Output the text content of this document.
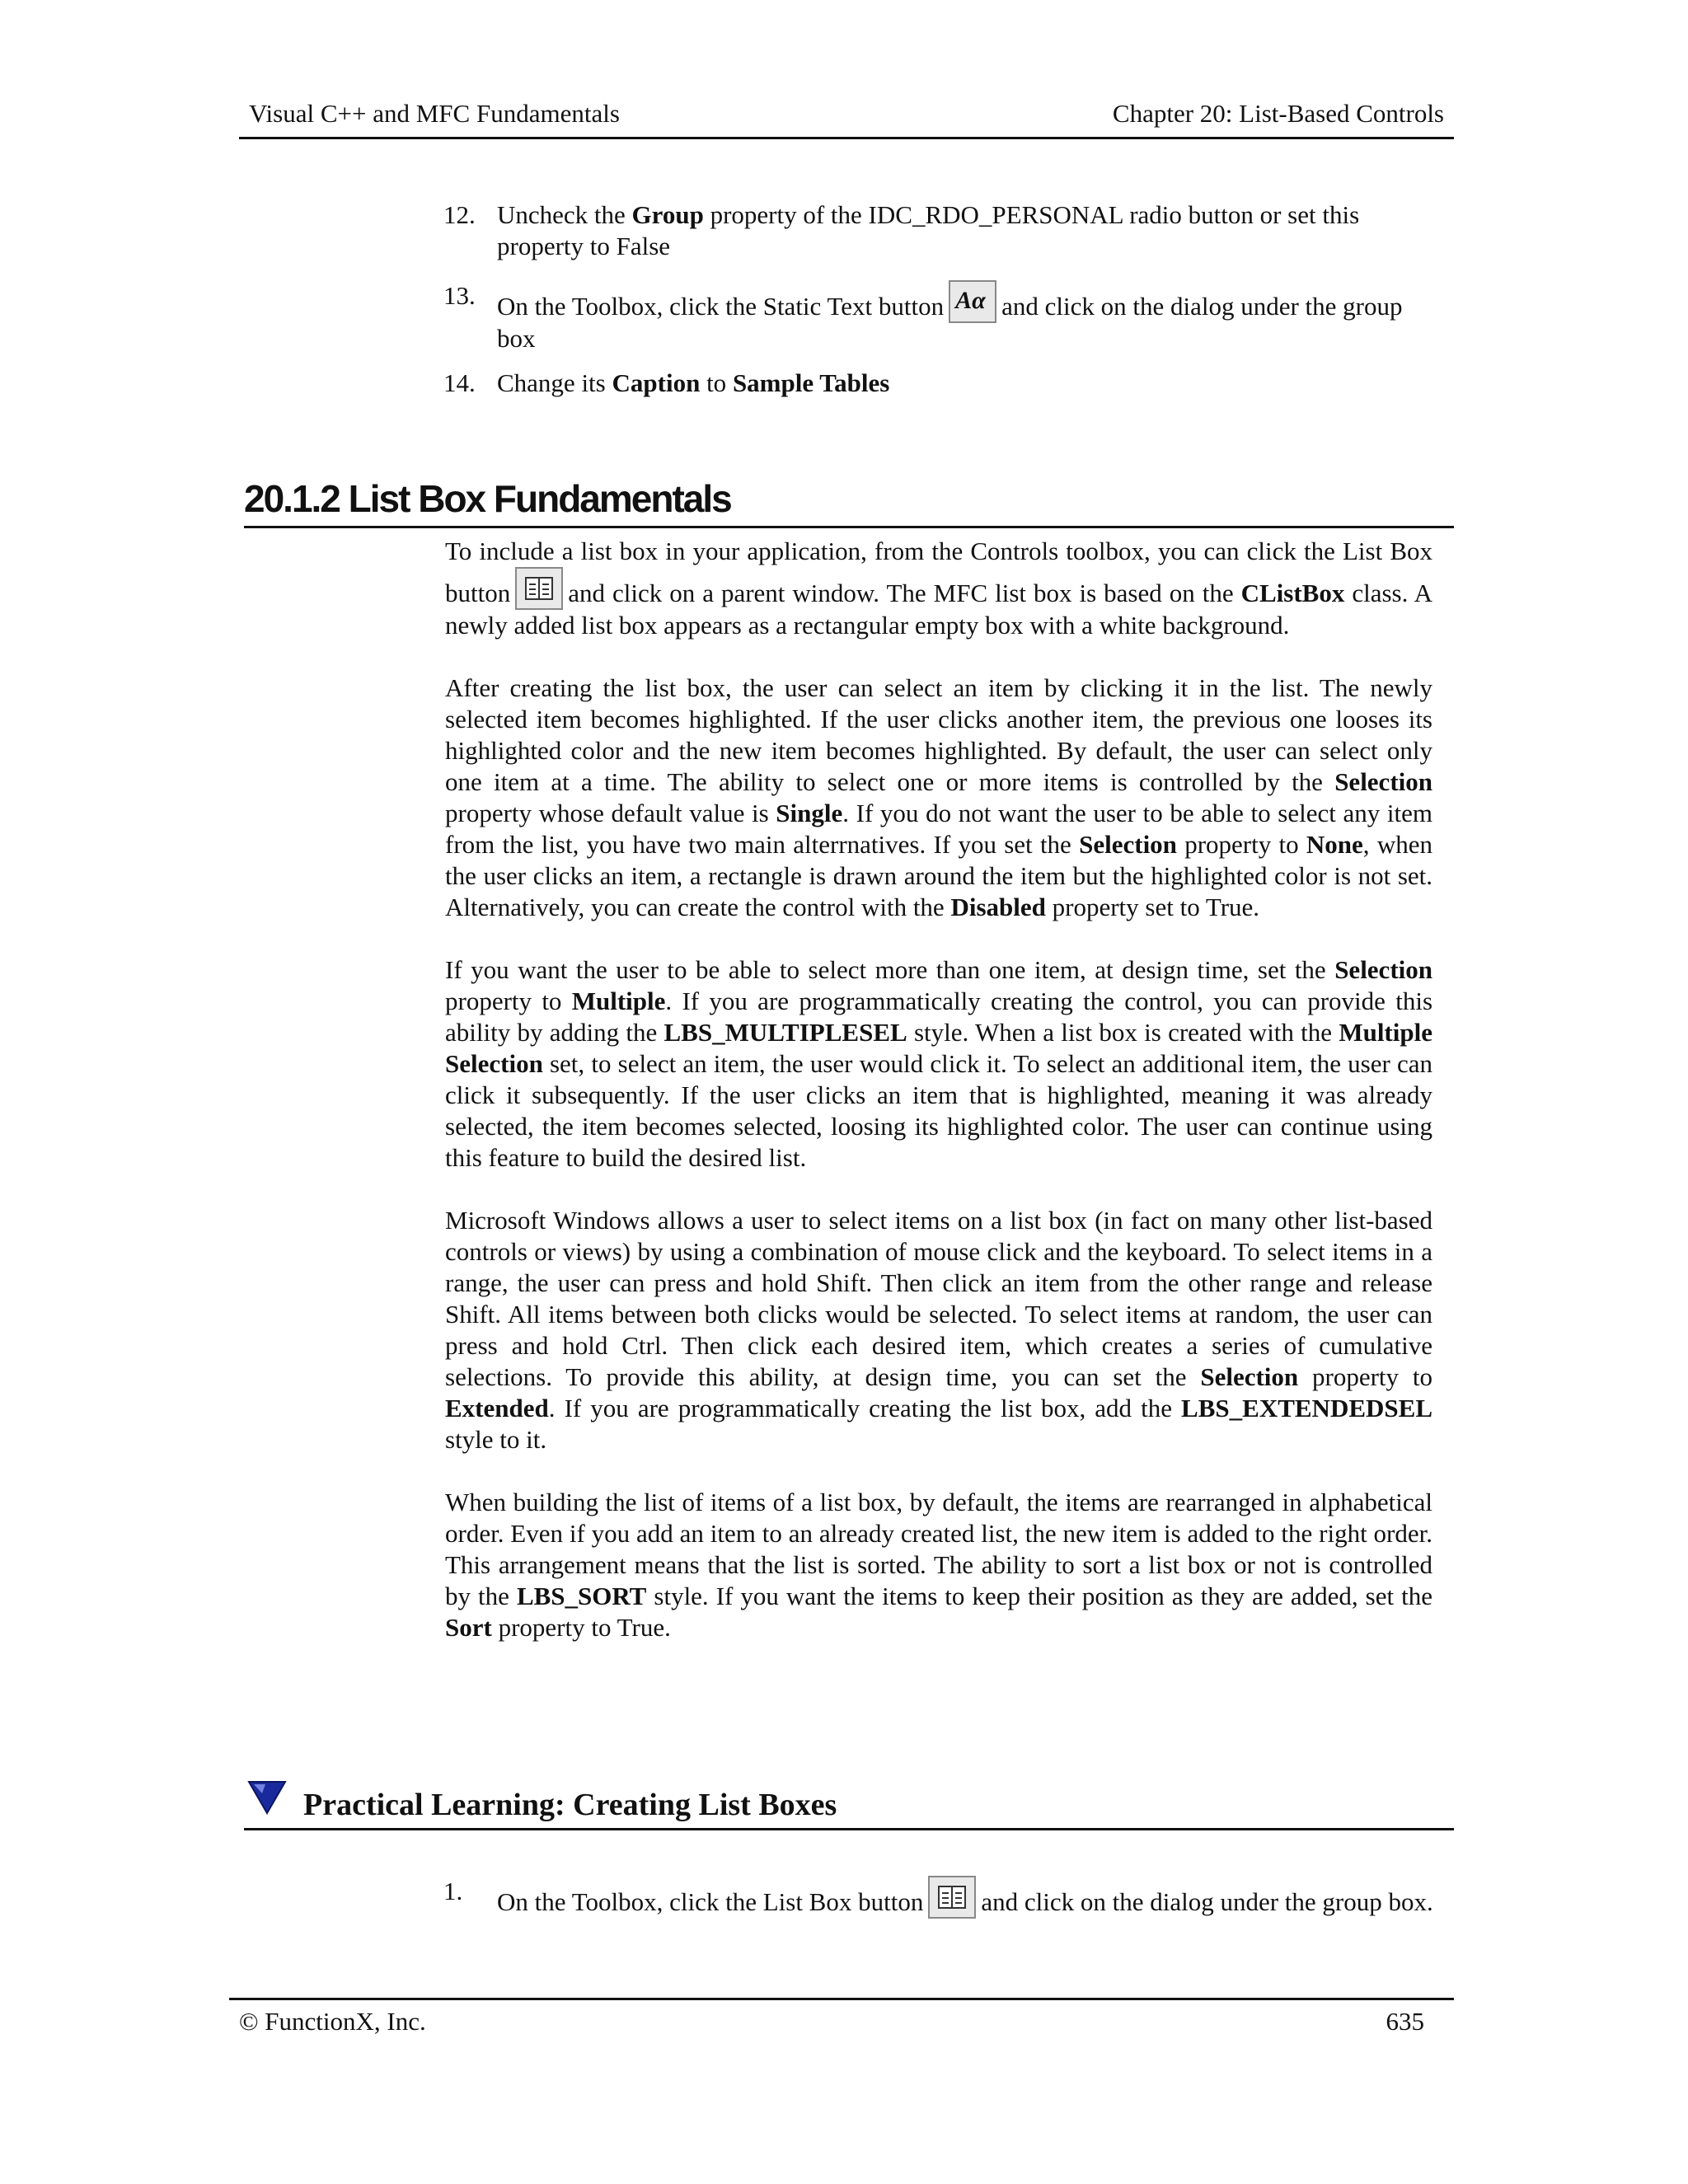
Visual C++ and MFC Fundamentals	Chapter 20: List-Based Controls
12. Uncheck the Group property of the IDC_RDO_PERSONAL radio button or set this property to False
13. On the Toolbox, click the Static Text button Aα and click on the dialog under the group box
14. Change its Caption to Sample Tables
20.1.2 List Box Fundamentals

To include a list box in your application, from the Controls toolbox, you can click the List Box button and click on a parent window. The MFC list box is based on the CListBox class. A newly added list box appears as a rectangular empty box with a white background.

After creating the list box, the user can select an item by clicking it in the list. The newly selected item becomes highlighted. If the user clicks another item, the previous one looses its highlighted color and the new item becomes highlighted. By default, the user can select only one item at a time. The ability to select one or more items is controlled by the Selection property whose default value is Single. If you do not want the user to be able to select any item from the list, you have two main alterrnatives. If you set the Selection property to None, when the user clicks an item, a rectangle is drawn around the item but the highlighted color is not set. Alternatively, you can create the control with the Disabled property set to True.

If you want the user to be able to select more than one item, at design time, set the Selection property to Multiple. If you are programmatically creating the control, you can provide this ability by adding the LBS_MULTIPLESEL style. When a list box is created with the Multiple Selection set, to select an item, the user would click it. To select an additional item, the user can click it subsequently. If the user clicks an item that is highlighted, meaning it was already selected, the item becomes selected, loosing its highlighted color. The user can continue using this feature to build the desired list.

Microsoft Windows allows a user to select items on a list box (in fact on many other list-based controls or views) by using a combination of mouse click and the keyboard. To select items in a range, the user can press and hold Shift. Then click an item from the other range and release Shift. All items between both clicks would be selected. To select items at random, the user can press and hold Ctrl. Then click each desired item, which creates a series of cumulative selections. To provide this ability, at design time, you can set the Selection property to Extended. If you are programmatically creating the list box, add the LBS_EXTENDEDSEL style to it.

When building the list of items of a list box, by default, the items are rearranged in alphabetical order. Even if you add an item to an already created list, the new item is added to the right order. This arrangement means that the list is sorted. The ability to sort a list box or not is controlled by the LBS_SORT style. If you want the items to keep their position as they are added, set the Sort property to True.

Practical Learning: Creating List Boxes
1. On the Toolbox, click the List Box button and click on the dialog under the group box.
© FunctionX, Inc.	635
